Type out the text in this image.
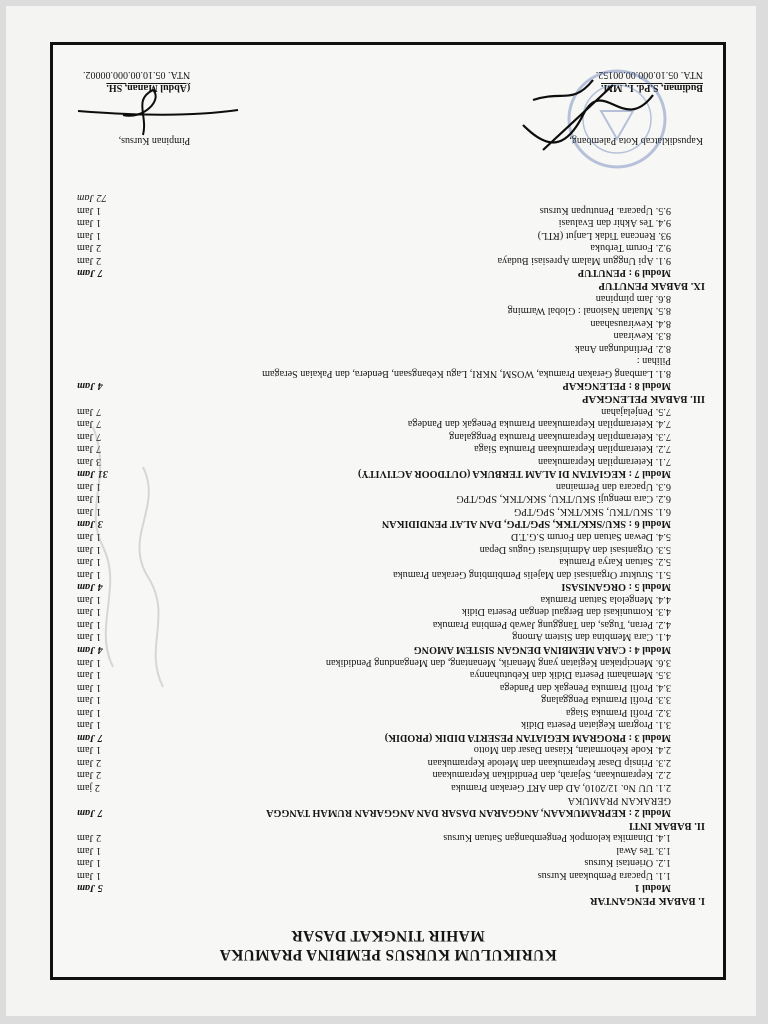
KURIKULUM KURSUS PEMBINA PRAMUKA
MAHIR TINGKAT DASAR
I. BABAK PENGANTAR
Modul 1
5 Jam
1.1. Upacara Pembukaan Kursus
1 Jam
1.2. Orientasi Kursus
1 Jam
1.3. Tes Awal
1 Jam
1.4. Dinamika kelompok Pengembangan Satuan Kursus
2 Jam
II. BABAK INTI
Modul 2 : KEPRAMUKAAN, ANGGARAN DASAR DAN ANGGARAN RUMAH TANGGA
7 Jam
GERAKAN PRAMUKA
2.1. UU No. 12/2010, AD dan ART Gerakan Pramuka
2 jam
2.2. Kepramukaan, Sejarah, dan Pendidikan Kepramukaan
2 Jam
2.3. Prinsip Dasar Kepramukaan dan Metode Kepramukaan
2 Jam
2.4. Kode Kehormatan, Kiasan Dasar dan Motto
1 Jam
Modul 3 : PROGRAM KEGIATAN PESERTA DIDIK (PRODIK)
7 Jam
3.1. Program Kegiatan Peserta Didik
1 Jam
3.2. Profil Pramuka Siaga
1 Jam
3.3. Profil Pramuka Penggalang
1 Jam
3.4. Profil Pramuka Penegak dan Pandega
1 Jam
3.5. Memahami Peserta Didik dan Kebutuhannya
1 Jam
3.6. Menciptakan Kegiatan yang Menarik, Menantang, dan Mengandung Pendidikan
1 Jam
Modul 4 : CARA MEMBINA DENGAN SISTEM AMONG
4 Jam
4.1. Cara Membina dan Sistem Among
1 Jam
4.2. Peran, Tugas, dan Tanggung Jawab Pembina Pramuka
1 Jam
4.3. Komunikasi dan Bergaul dengan Peserta Didik
1 Jam
4.4. Mengelola Satuan Pramuka
1 Jam
Modul 5 : ORGANISASI
4 Jam
5.1. Struktur Organisasi dan Majelis Pembimbing Gerakan Pramuka
1 Jam
5.2. Satuan Karya Pramuka
1 Jam
5.3. Organisasi dan Administrasi Gugus Depan
1 Jam
5.4. Dewan Satuan dan Forum S.G.T.D
1 Jam
Modul 6 : SKU/SKK/TKK, SPG/TPG, DAN ALAT PENDIDIKAN
3 Jam
6.1. SKU/TKU, SKK/TKK, SPG/TPG
1 Jam
6.2. Cara menguji SKU/TKU, SKK/TKK, SPG/TPG
1 Jam
6.3. Upacara dan Permainan
1 Jam
Modul 7 : KEGIATAN DI ALAM TERBUKA (OUTDOOR ACTIVITY)
31 Jam
7.1. Keterampilan Kepramukaan
3 Jam
7.2. Keterampilan Kepramukaan Pramuka Siaga
7 Jam
7.3. Keterampilan Kepramukaan Pramuka Penggalang
7 Jam
7.4. Keterampilan Kepramukaan Pramuka Penegak dan Pandega
7 Jam
7.5. Penjelajahan
7 Jam
III. BABAK PELENGKAP
Modul 8 : PELENGKAP
4 Jam
8.1. Lambang Gerakan Pramuka, WOSM, NKRI, Lagu Kebangsaan, Bendera, dan Pakaian Seragam
Pilihan :
8.2. Perlindungan Anak
8.3. Kewiraan
8.4. Kewirausahaan
8.5. Muatan Nasional : Global Warming
8.6. Jam pimpinan
IX. BABAK PENUTUP
Modul 9 : PENUTUP
7 Jam
9.1. Api Unggun Malam Apresiasi Budaya
2 Jam
9.2. Forum Terbuka
2 Jam
93. Rencana Tidak Lanjut (RTL)
1 Jam
9.4. Tes Akhir dan Evaluasi
1 Jam
9.5. Upacara. Penutupan Kursus
1 Jam
72 Jam
Kapusdiklatcab Kota Palembang,
Budiman, S.Pd. I., MM.
NTA. 05.10.000.00.00152.
Pimpinan Kursus,
(Abdul Manan, SH.
NTA. 05.10.00.000.00002.
